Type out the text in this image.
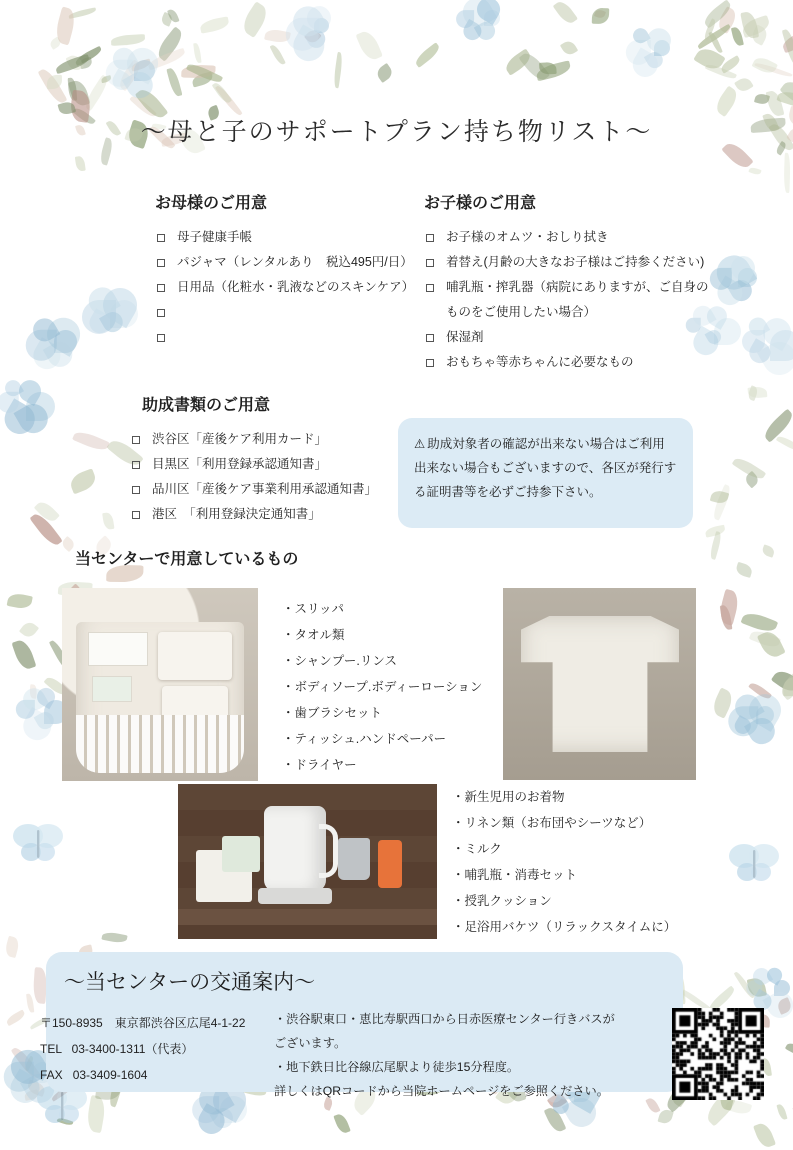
〜母と子のサポートプラン持ち物リスト〜
お母様のご用意
母子健康手帳
パジャマ（レンタルあり　税込495円/日）
日用品（化粧水・乳液などのスキンケア）
お子様のご用意
お子様のオムツ・おしり拭き
着替え(月齢の大きなお子様はご持参ください)
哺乳瓶・搾乳器（病院にありますが、ご自身の
ものをご使用したい場合）
保湿剤
おもちゃ等赤ちゃんに必要なもの
助成書類のご用意
渋谷区「産後ケア利用カード」
目黒区「利用登録承認通知書」
品川区「産後ケア事業利用承認通知書」
港区　「利用登録決定通知書」
⚠ 助成対象者の確認が出来ない場合はご利用出来ない場合もございますので、各区が発行する証明書等を必ずご持参下さい。
当センターで用意しているもの
・スリッパ
・タオル類
・シャンプー.リンス
・ボディソープ.ボディーローション
・歯ブラシセット
・ティッシュ.ハンドペーパー
・ドライヤー
・新生児用のお着物
・リネン類（お布団やシーツなど）
・ミルク
・哺乳瓶・消毒セット
・授乳クッション
・足浴用バケツ（リラックスタイムに）
〜当センターの交通案内〜
〒150-8935　東京都渋谷区広尾4-1-22
TEL 03-3400-1311（代表）
FAX 03-3409-1604
・渋谷駅東口・恵比寿駅西口から日赤医療センター行きバスが
ございます。
・地下鉄日比谷線広尾駅より徒歩15分程度。
詳しくはQRコードから当院ホームページをご参照ください。
